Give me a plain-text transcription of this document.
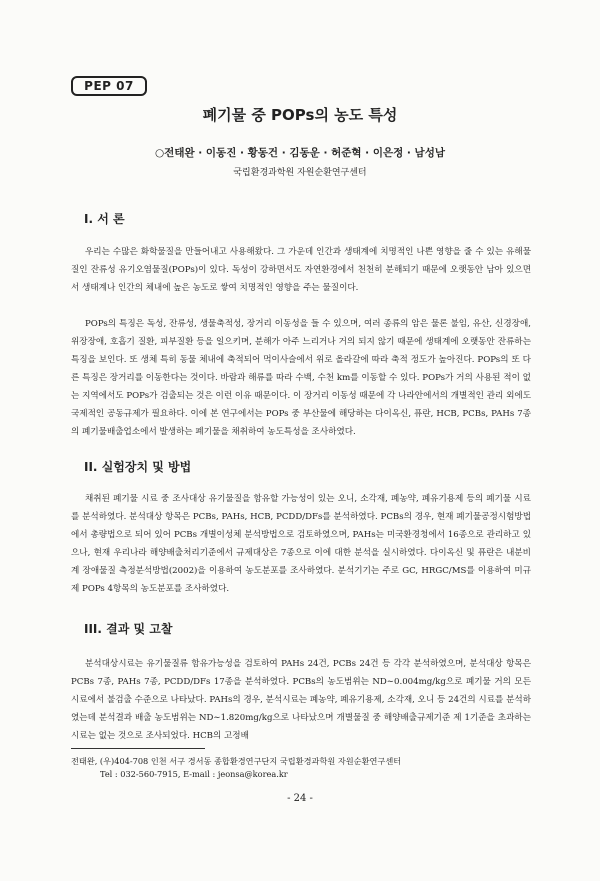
PEP 07
폐기물 중 POPs의 농도 특성
○전태완 · 이동진 · 황동건 · 김동운 · 허준혁 · 이은정 · 남성남
국립환경과학원 자원순환연구센터
I. 서 론

우리는 수많은 화학물질을 만들어내고 사용해왔다. 그 가운데 인간과 생태계에 치명적인 나쁜 영향을 줄 수 있는 유해물질인 잔류성 유기오염물질(POPs)이 있다. 독성이 강하면서도 자연환경에서 천천히 분해되기 때문에 오랫동안 남아 있으면서 생태계나 인간의 체내에 높은 농도로 쌓여 치명적인 영향을 주는 물질이다.

POPs의 특징은 독성, 잔류성, 생물축적성, 장거리 이동성을 들 수 있으며, 여러 종류의 암은 물론 불임, 유산, 신경장애, 위장장애, 호흡기 질환, 피부질환 등을 일으키며, 분해가 아주 느리거나 거의 되지 않기 때문에 생태계에 오랫동안 잔류하는 특징을 보인다. 또 생체 특히 동물 체내에 축적되어 먹이사슬에서 위로 올라갈에 따라 축적 정도가 높아진다. POPs의 또 다른 특징은 장거리를 이동한다는 것이다. 바람과 해류를 따라 수백, 수천 km를 이동할 수 있다. POPs가 거의 사용된 적이 없는 지역에서도 POPs가 검출되는 것은 이런 이유 때문이다. 이 장거리 이동성 때문에 각 나라안에서의 개별적인 관리 외에도 국제적인 공동규제가 필요하다. 이에 본 연구에서는 POPs 중 부산물에 해당하는 다이옥신, 퓨란, HCB, PCBs, PAHs 7종의 폐기물배출업소에서 발생하는 폐기물을 채취하여 농도특성을 조사하였다.

II. 실험장치 및 방법

채취된 폐기물 시료 중 조사대상 유기물질을 함유할 가능성이 있는 오니, 소각재, 폐농약, 폐유기용제 등의 폐기물 시료를 분석하였다. 분석대상 항목은 PCBs, PAHs, HCB, PCDD/DFs를 분석하였다. PCBs의 경우, 현재 폐기물공정시험방법에서 총량법으로 되어 있어 PCBs 개별이성체 분석방법으로 검토하였으며, PAHs는 미국환경청에서 16종으로 관리하고 있으나, 현재 우리나라 해양배출처리기준에서 규제대상은 7종으로 이에 대한 분석을 실시하였다. 다이옥신 및 퓨란은 내분비계 장애물질 측정분석방법(2002)을 이용하여 농도분포를 조사하였다. 분석기기는 주로 GC, HRGC/MS를 이용하여 미규제 POPs 4항목의 농도분포를 조사하였다.

III. 결과 및 고찰

분석대상시료는 유기물질류 함유가능성을 검토하여 PAHs 24건, PCBs 24건 등 각각 분석하였으며, 분석대상 항목은 PCBs 7종, PAHs 7종, PCDD/DFs 17종을 분석하였다. PCBs의 농도범위는 ND∼0.004mg/kg으로 폐기물 거의 모든 시료에서 불검출 수준으로 나타났다. PAHs의 경우, 분석시료는 폐농약, 폐유기용제, 소각재, 오니 등 24건의 시료를 분석하였는데 분석결과 배출 농도범위는 ND∼1.820mg/kg으로 나타났으며 개별물질 중 해양배출규제기준 제 1기준을 초과하는 시료는 없는 것으로 조사되었다. HCB의 고정배

전태완, (우)404-708 인천 서구 경서동 종합환경연구단지 국립환경과학원 자원순환연구센터
Tel : 032-560-7915, E-mail : jeonsa@korea.kr
- 24 -
